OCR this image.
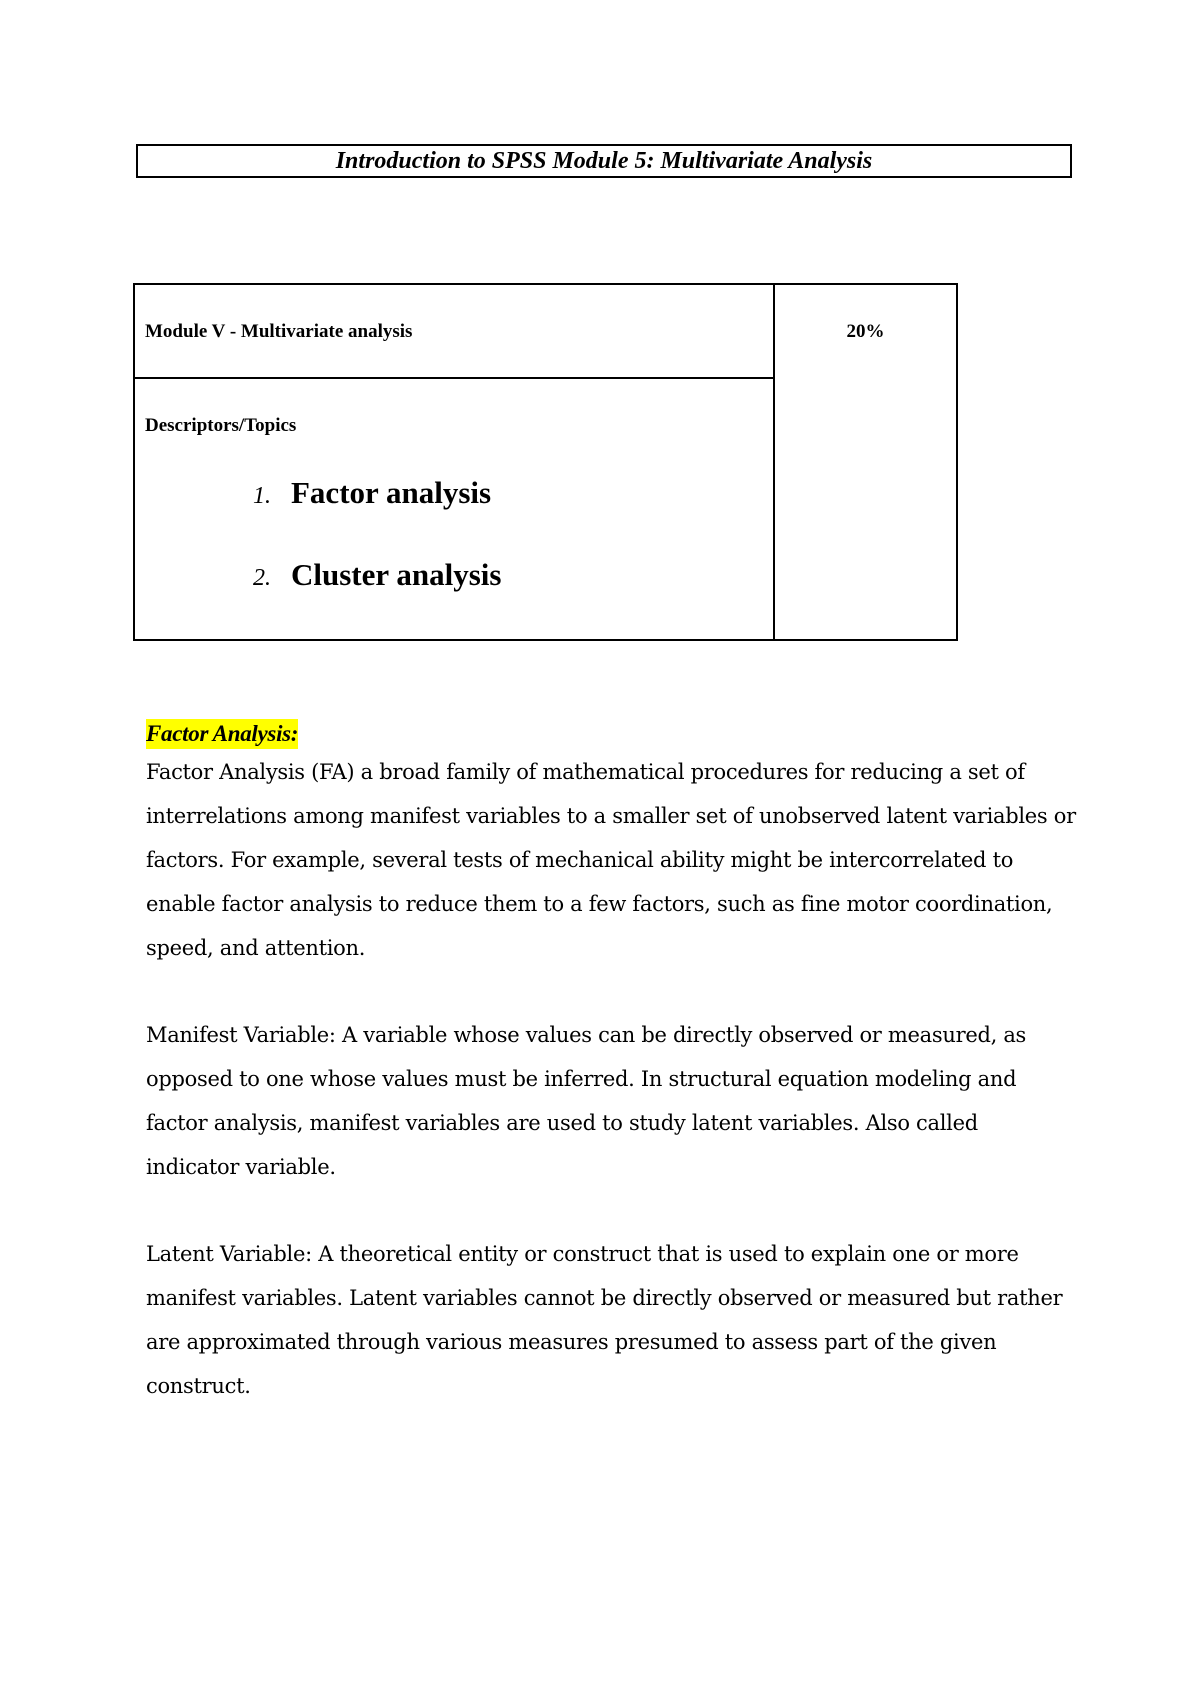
Introduction to SPSS Module 5: Multivariate Analysis
Module V - Multivariate analysis	20%

Descriptors/Topics
1. Factor analysis
2. Cluster analysis
Factor Analysis:
Factor Analysis (FA) a broad family of mathematical procedures for reducing a set of interrelations among manifest variables to a smaller set of unobserved latent variables or factors. For example, several tests of mechanical ability might be intercorrelated to enable factor analysis to reduce them to a few factors, such as fine motor coordination, speed, and attention.
Manifest Variable: A variable whose values can be directly observed or measured, as opposed to one whose values must be inferred. In structural equation modeling and factor analysis, manifest variables are used to study latent variables. Also called indicator variable.
Latent Variable: A theoretical entity or construct that is used to explain one or more manifest variables. Latent variables cannot be directly observed or measured but rather are approximated through various measures presumed to assess part of the given construct.
